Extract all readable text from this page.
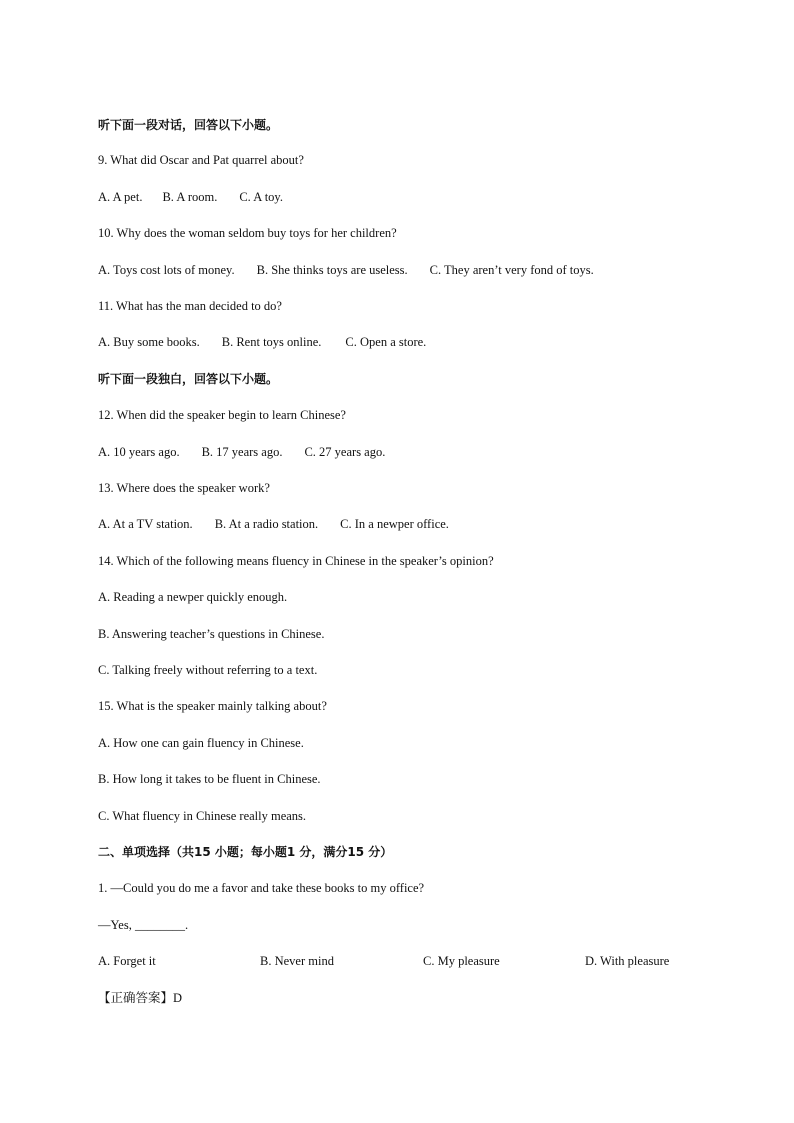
听下面一段对话，回答以下小题。
9. What did Oscar and Pat quarrel about?
A. A pet. B. A room. C. A toy.
10. Why does the woman seldom buy toys for her children?
A. Toys cost lots of money. B. She thinks toys are useless. C. They aren’t very fond of toys.
11. What has the man decided to do?
A. Buy some books. B. Rent toys online. C. Open a store.
听下面一段独白，回答以下小题。
12. When did the speaker begin to learn Chinese?
A. 10 years ago. B. 17 years ago. C. 27 years ago.
13. Where does the speaker work?
A. At a TV station. B. At a radio station. C. In a newper office.
14. Which of the following means fluency in Chinese in the speaker’s opinion?
A. Reading a newper quickly enough.
B. Answering teacher’s questions in Chinese.
C. Talking freely without referring to a text.
15. What is the speaker mainly talking about?
A. How one can gain fluency in Chinese.
B. How long it takes to be fluent in Chinese.
C. What fluency in Chinese really means.
二、单项选择（共15 小题；每小题1 分，满分15 分）
1. —Could you do me a favor and take these books to my office?
—Yes, ________.
A. Forget it	B. Never mind	C. My pleasure	D. With pleasure
【正确答案】D
